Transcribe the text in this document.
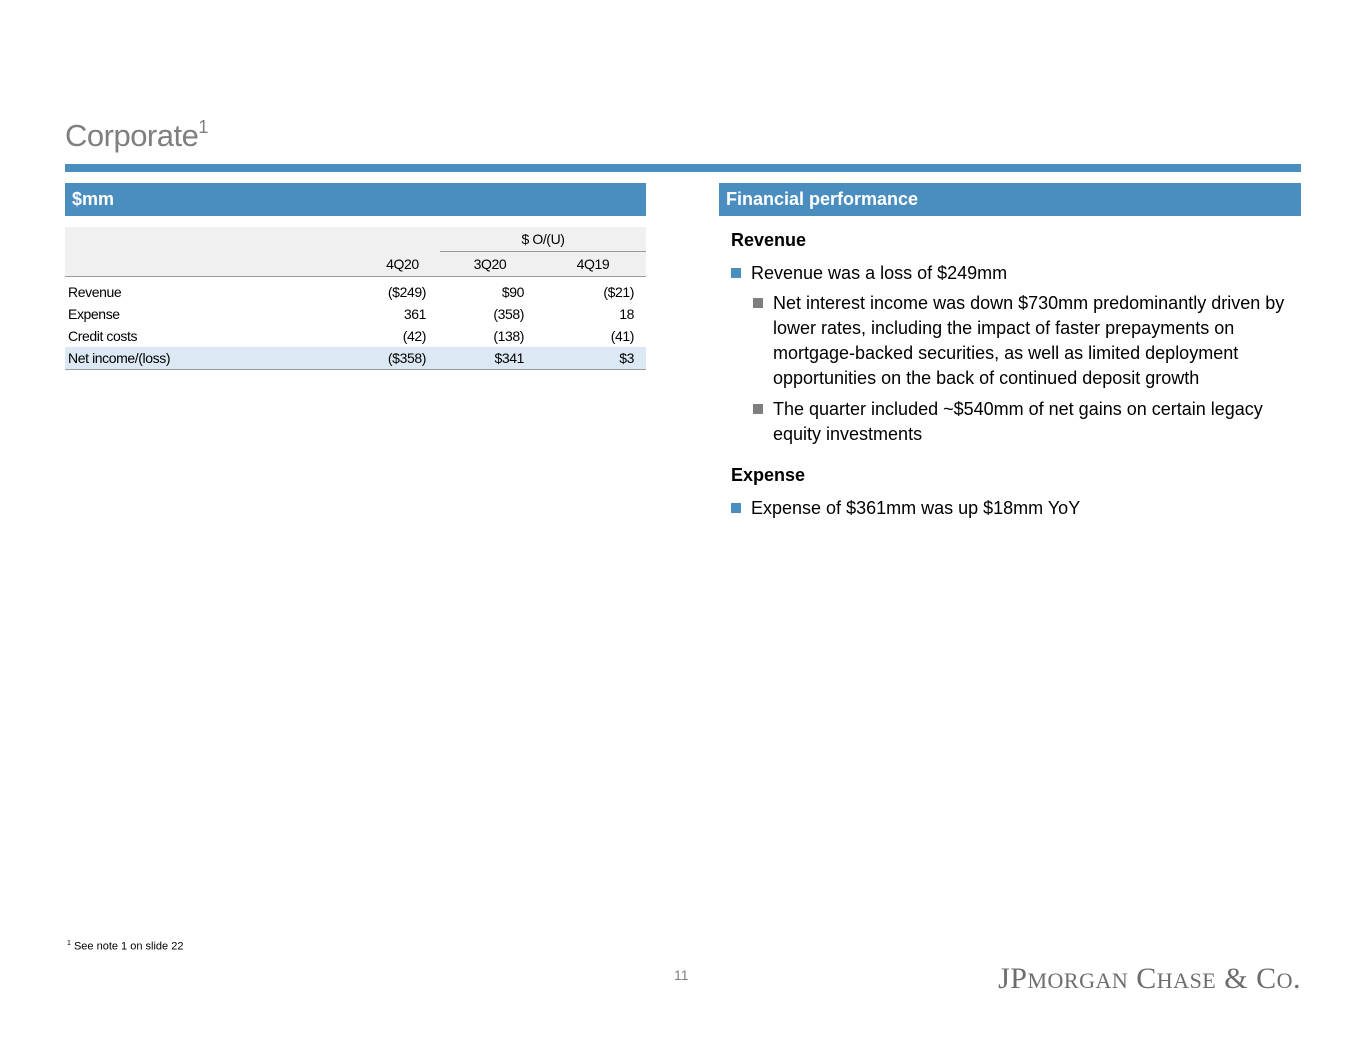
Corporate$^1$
$mm
		$ O/(U)	
	4Q20	3Q20	4Q19
Revenue	($249)	$90	($21)
Expense	361	(358)	18
Credit costs	(42)	(138)	(41)
Net income/(loss)	($358)	$341	$3
Financial performance
Revenue
Revenue was a loss of $249mm
Net interest income was down $730mm predominantly driven by lower rates, including the impact of faster prepayments on mortgage-backed securities, as well as limited deployment opportunities on the back of continued deposit growth
The quarter included ~$540mm of net gains on certain legacy equity investments
Expense
Expense of $361mm was up $18mm YoY
$^1$ See note 1 on slide 22
11	JPMORGAN CHASE & CO.
